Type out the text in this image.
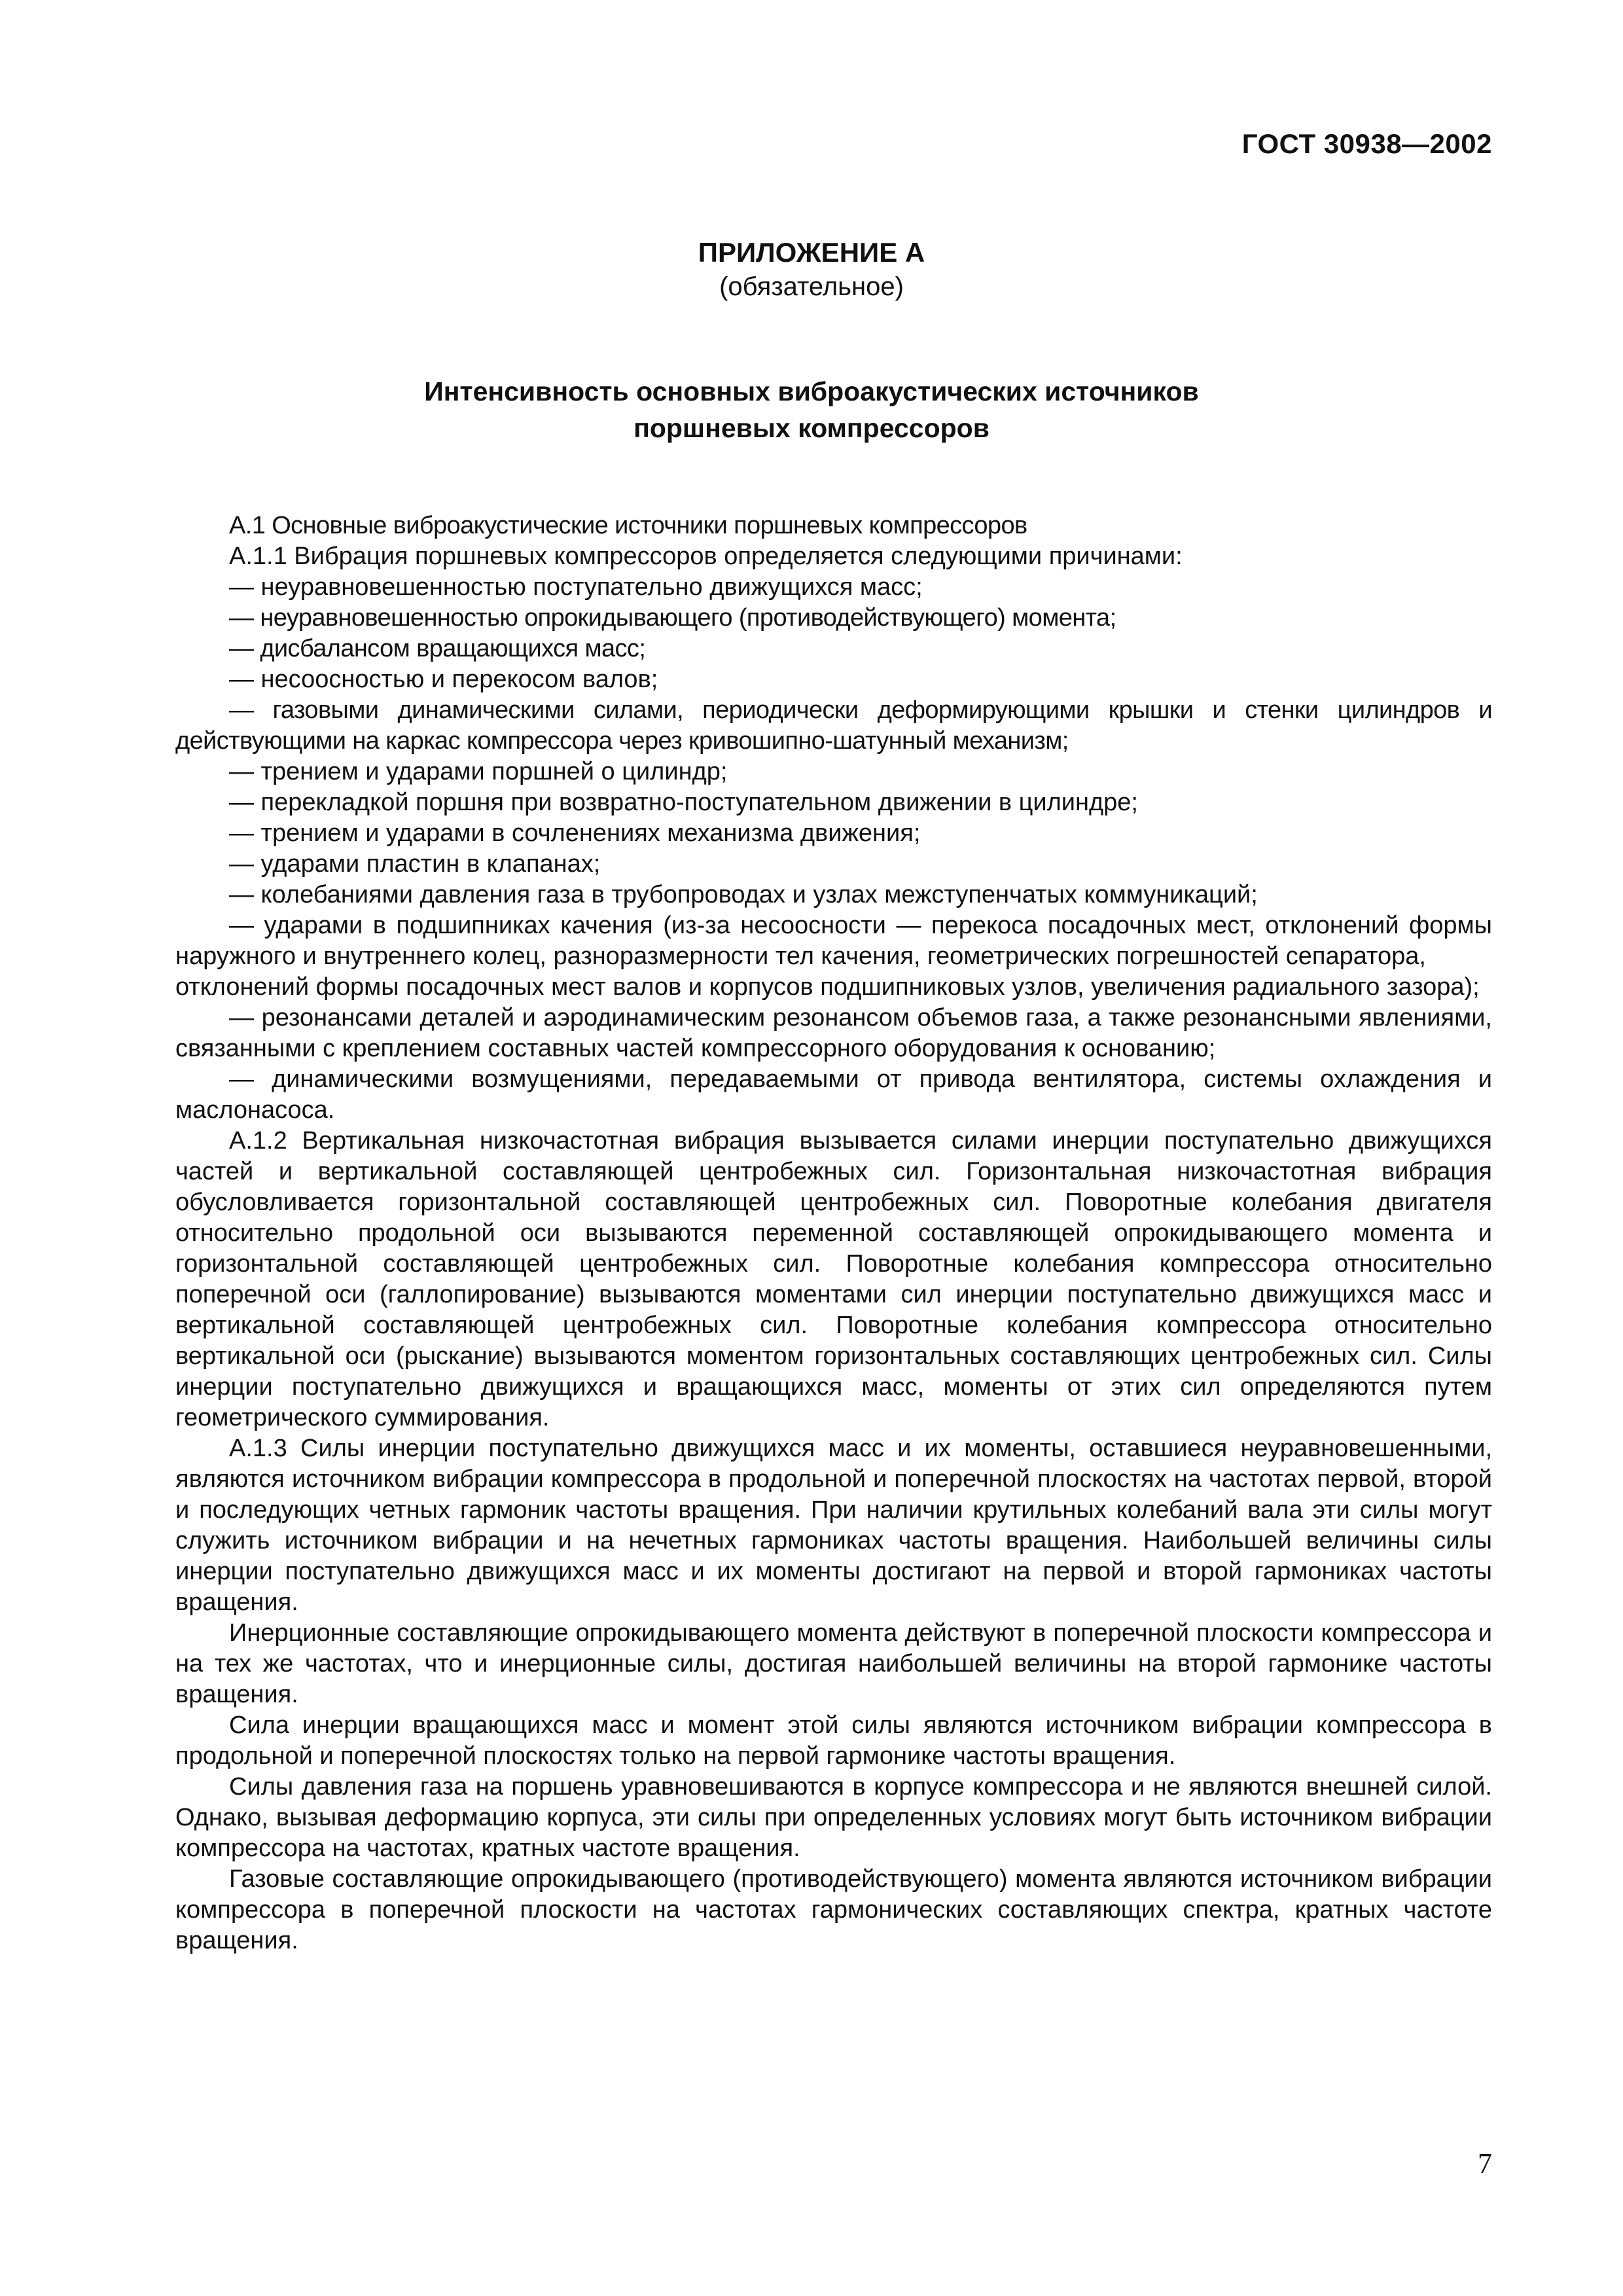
ГОСТ 30938—2002
ПРИЛОЖЕНИЕ А
(обязательное)
Интенсивность основных виброакустических источников
поршневых компрессоров

А.1 Основные виброакустические источники поршневых компрессоров

А.1.1 Вибрация поршневых компрессоров определяется следующими причинами:

— неуравновешенностью поступательно движущихся масс;

— неуравновешенностью опрокидывающего (противодействующего) момента;

— дисбалансом вращающихся масс;

— несоосностью и перекосом валов;

— газовыми динамическими силами, периодически деформирующими крышки и стенки цилиндров и действующими на каркас компрессора через кривошипно-шатунный механизм;

— трением и ударами поршней о цилиндр;

— перекладкой поршня при возвратно-поступательном движении в цилиндре;

— трением и ударами в сочленениях механизма движения;

— ударами пластин в клапанах;

— колебаниями давления газа в трубопроводах и узлах межступенчатых коммуникаций;

— ударами в подшипниках качения (из-за несоосности — перекоса посадочных мест, отклонений формы наружного и внутреннего колец, разноразмерности тел качения, геометрических погрешностей сепаратора,

отклонений формы посадочных мест валов и корпусов подшипниковых узлов, увеличения радиального зазора);

— резонансами деталей и аэродинамическим резонансом объемов газа, а также резонансными явлениями, связанными с креплением составных частей компрессорного оборудования к основанию;

— динамическими возмущениями, передаваемыми от привода вентилятора, системы охлаждения и маслонасоса.

А.1.2 Вертикальная низкочастотная вибрация вызывается силами инерции поступательно движущихся частей и вертикальной составляющей центробежных сил. Горизонтальная низкочастотная вибрация обусловливается горизонтальной составляющей центробежных сил. Поворотные колебания двигателя относительно продольной оси вызываются переменной составляющей опрокидывающего момента и горизонтальной составляющей центробежных сил. Поворотные колебания компрессора относительно поперечной оси (галлопирование) вызываются моментами сил инерции поступательно движущихся масс и вертикальной составляющей центробежных сил. Поворотные колебания компрессора относительно вертикальной оси (рыскание) вызываются моментом горизонтальных составляющих центробежных сил. Силы инерции поступательно движущихся и вращающихся масс, моменты от этих сил определяются путем геометрического суммирования.

А.1.3 Силы инерции поступательно движущихся масс и их моменты, оставшиеся неуравновешенными, являются источником вибрации компрессора в продольной и поперечной плоскостях на частотах первой, второй и последующих четных гармоник частоты вращения. При наличии крутильных колебаний вала эти силы могут служить источником вибрации и на нечетных гармониках частоты вращения. Наибольшей величины силы инерции поступательно движущихся масс и их моменты достигают на первой и второй гармониках частоты вращения.

Инерционные составляющие опрокидывающего момента действуют в поперечной плоскости компрессора и на тех же частотах, что и инерционные силы, достигая наибольшей величины на второй гармонике частоты вращения.

Сила инерции вращающихся масс и момент этой силы являются источником вибрации компрессора в продольной и поперечной плоскостях только на первой гармонике частоты вращения.

Силы давления газа на поршень уравновешиваются в корпусе компрессора и не являются внешней силой. Однако, вызывая деформацию корпуса, эти силы при определенных условиях могут быть источником вибрации компрессора на частотах, кратных частоте вращения.

Газовые составляющие опрокидывающего (противодействующего) момента являются источником вибрации компрессора в поперечной плоскости на частотах гармонических составляющих спектра, кратных частоте вращения.

7
